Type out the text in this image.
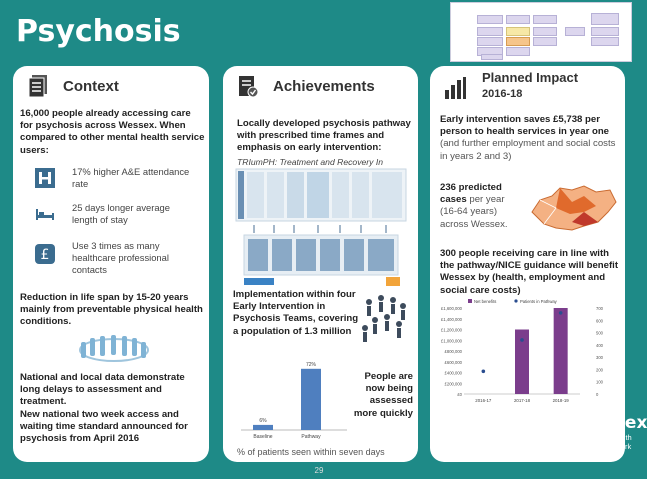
Psychosis
Context
16,000 people already accessing care for psychosis across Wessex. When compared to other mental health service users:
17% higher A&E attendance rate
25 days longer average length of stay
£
Use 3 times as many healthcare professional contacts
Reduction in life span by 15-20 years mainly from preventable physical health conditions.
National and local data demonstrate long delays to assessment and treatment.
New national two week access and waiting time standard announced for psychosis from April 2016
Achievements
Locally developed psychosis pathway with prescribed time frames and emphasis on early intervention:
TRIumPH: Treatment and Recovery In
Implementation within four Early Intervention in Psychosis Teams, covering a population of 1.3 million
6%
Baseline
72%
Pathway
People are now being assessed more quickly
% of patients seen within seven days
Planned Impact
2016-18
Early intervention saves £5,738 per person to health services in year one (and further employment and social costs in years 2 and 3)
236 predicted cases per year (16-64 years) across Wessex.
300 people receiving care in line with the pathway/NICE guidance will benefit Wessex by (health, employment and social care costs)
£1,600,000
£1,400,000
£1,200,000
£1,000,000
£800,000
£600,000
£400,000
£200,000
£0
700
600
500
400
300
200
100
0
Net benefits	Patients in Pathway
2016-17	2017-18	2018-19
29
Wessex
Academic Health
Science Network
